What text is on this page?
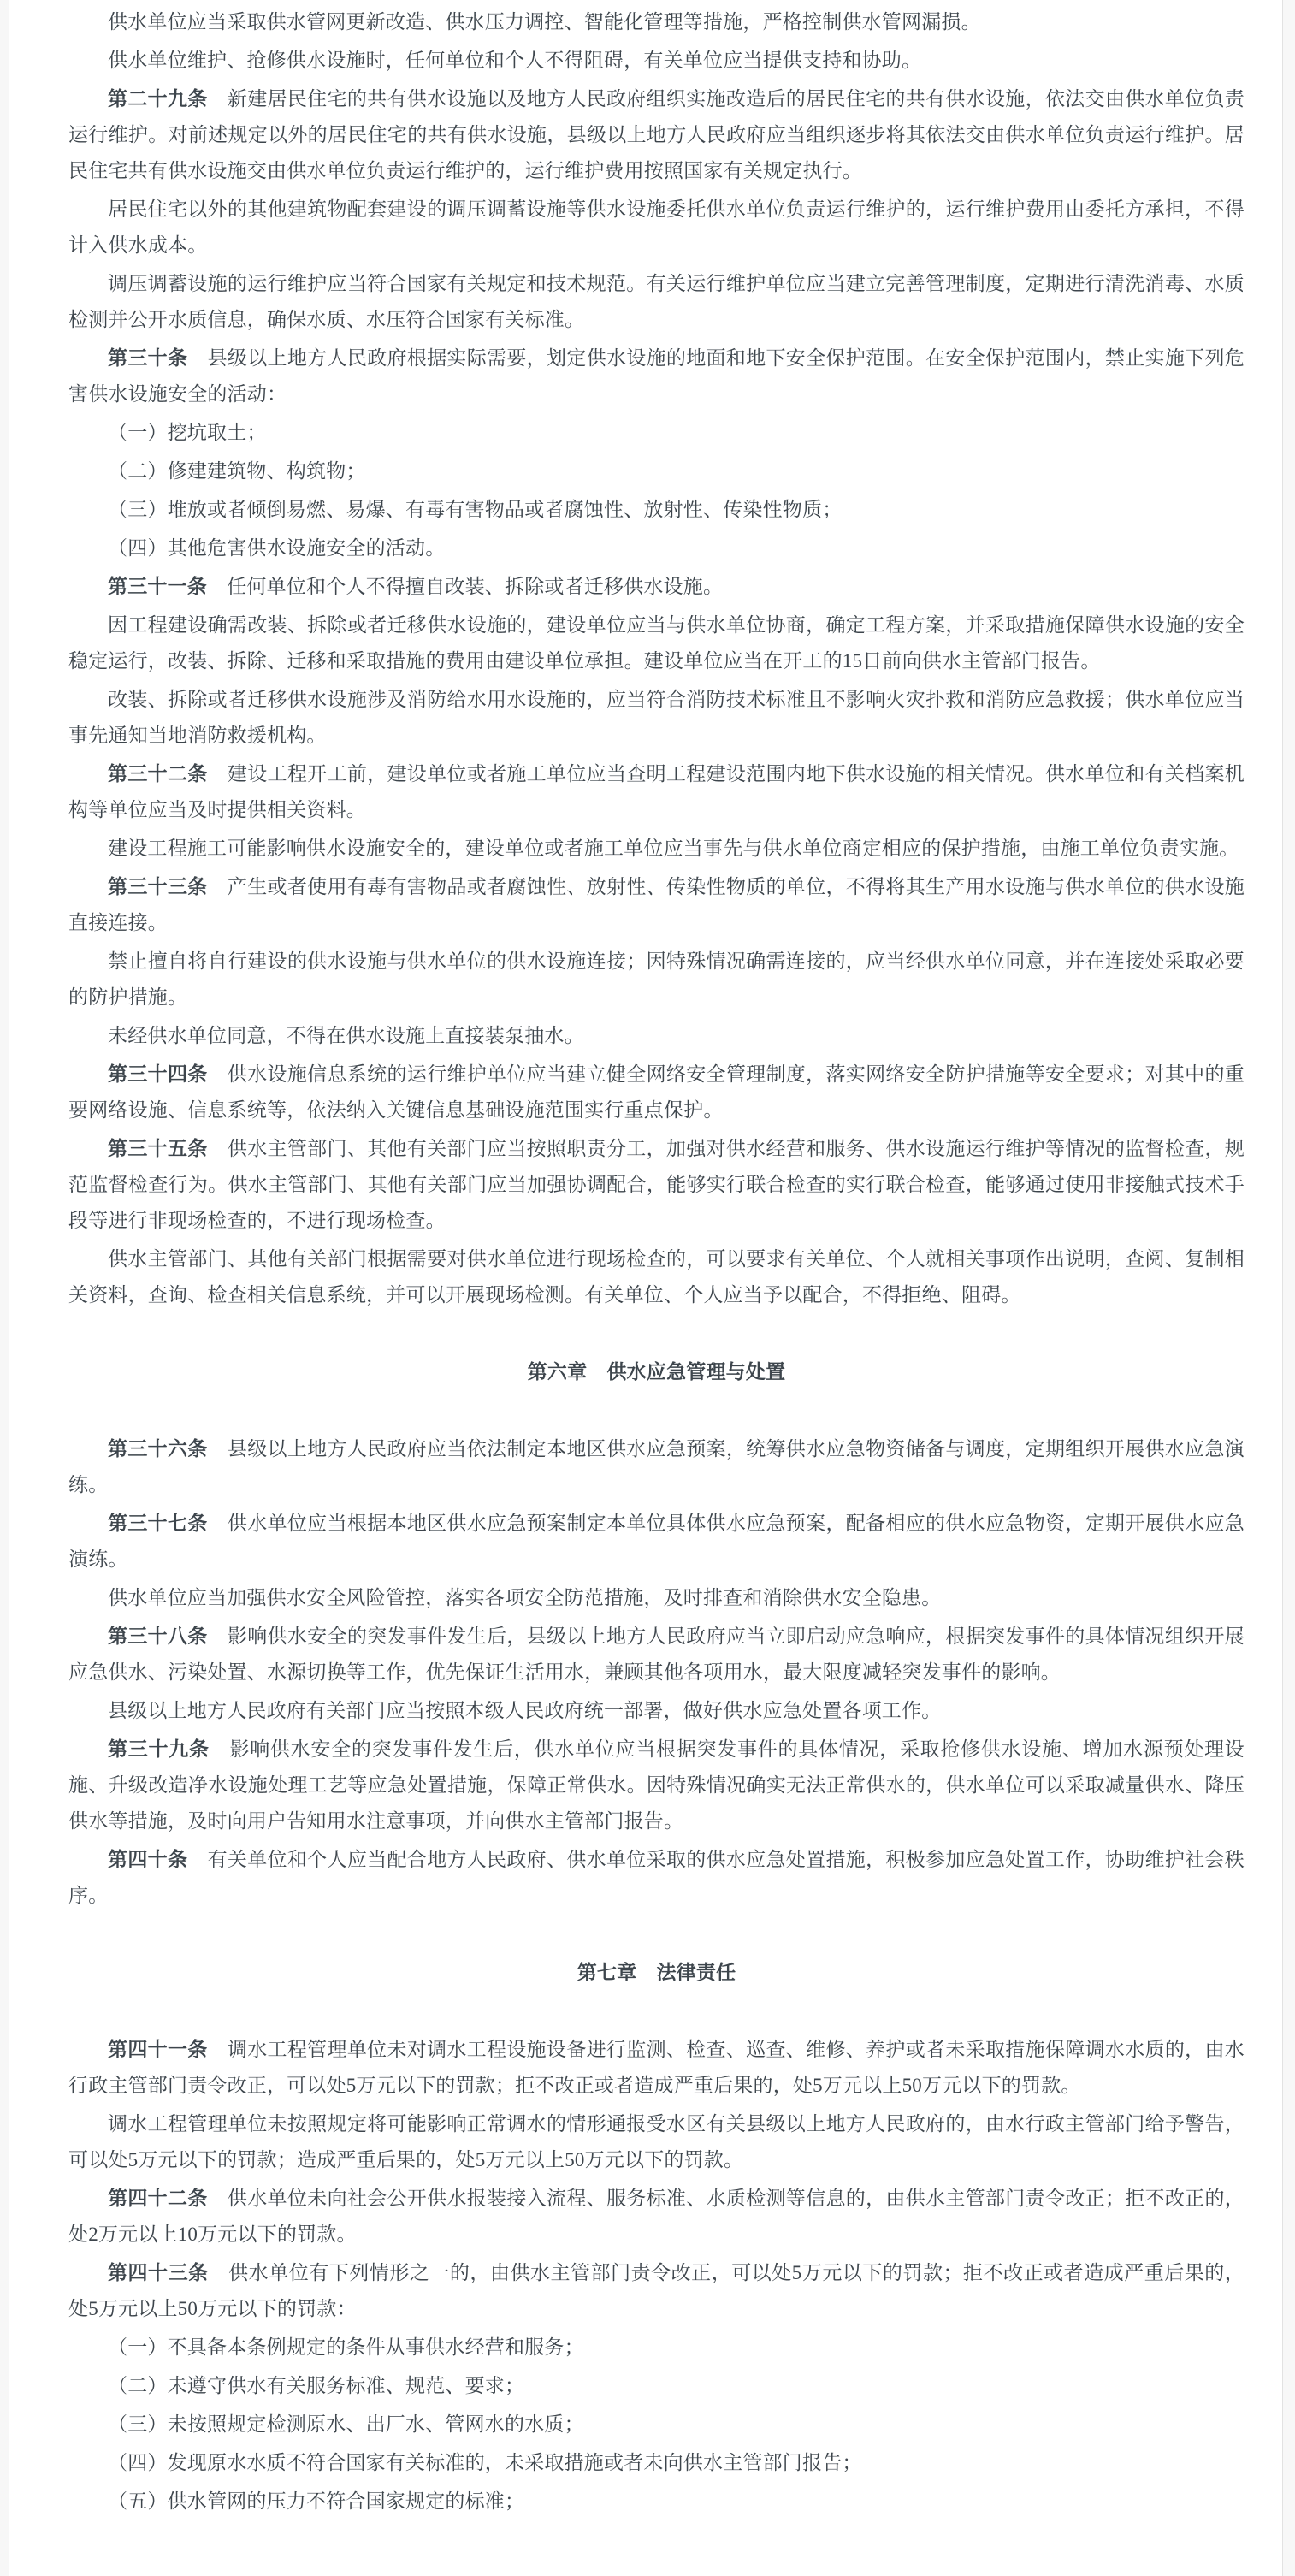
供水单位应当采取供水管网更新改造、供水压力调控、智能化管理等措施，严格控制供水管网漏损。

供水单位维护、抢修供水设施时，任何单位和个人不得阻碍，有关单位应当提供支持和协助。

第二十九条　新建居民住宅的共有供水设施以及地方人民政府组织实施改造后的居民住宅的共有供水设施，依法交由供水单位负责运行维护。对前述规定以外的居民住宅的共有供水设施，县级以上地方人民政府应当组织逐步将其依法交由供水单位负责运行维护。居民住宅共有供水设施交由供水单位负责运行维护的，运行维护费用按照国家有关规定执行。

居民住宅以外的其他建筑物配套建设的调压调蓄设施等供水设施委托供水单位负责运行维护的，运行维护费用由委托方承担，不得计入供水成本。

调压调蓄设施的运行维护应当符合国家有关规定和技术规范。有关运行维护单位应当建立完善管理制度，定期进行清洗消毒、水质检测并公开水质信息，确保水质、水压符合国家有关标准。

第三十条　县级以上地方人民政府根据实际需要，划定供水设施的地面和地下安全保护范围。在安全保护范围内，禁止实施下列危害供水设施安全的活动：

（一）挖坑取土；

（二）修建建筑物、构筑物；

（三）堆放或者倾倒易燃、易爆、有毒有害物品或者腐蚀性、放射性、传染性物质；

（四）其他危害供水设施安全的活动。

第三十一条　任何单位和个人不得擅自改装、拆除或者迁移供水设施。

因工程建设确需改装、拆除或者迁移供水设施的，建设单位应当与供水单位协商，确定工程方案，并采取措施保障供水设施的安全稳定运行，改装、拆除、迁移和采取措施的费用由建设单位承担。建设单位应当在开工的15日前向供水主管部门报告。

改装、拆除或者迁移供水设施涉及消防给水用水设施的，应当符合消防技术标准且不影响火灾扑救和消防应急救援；供水单位应当事先通知当地消防救援机构。

第三十二条　建设工程开工前，建设单位或者施工单位应当查明工程建设范围内地下供水设施的相关情况。供水单位和有关档案机构等单位应当及时提供相关资料。

建设工程施工可能影响供水设施安全的，建设单位或者施工单位应当事先与供水单位商定相应的保护措施，由施工单位负责实施。

第三十三条　产生或者使用有毒有害物品或者腐蚀性、放射性、传染性物质的单位，不得将其生产用水设施与供水单位的供水设施直接连接。

禁止擅自将自行建设的供水设施与供水单位的供水设施连接；因特殊情况确需连接的，应当经供水单位同意，并在连接处采取必要的防护措施。

未经供水单位同意，不得在供水设施上直接装泵抽水。

第三十四条　供水设施信息系统的运行维护单位应当建立健全网络安全管理制度，落实网络安全防护措施等安全要求；对其中的重要网络设施、信息系统等，依法纳入关键信息基础设施范围实行重点保护。

第三十五条　供水主管部门、其他有关部门应当按照职责分工，加强对供水经营和服务、供水设施运行维护等情况的监督检查，规范监督检查行为。供水主管部门、其他有关部门应当加强协调配合，能够实行联合检查的实行联合检查，能够通过使用非接触式技术手段等进行非现场检查的，不进行现场检查。

供水主管部门、其他有关部门根据需要对供水单位进行现场检查的，可以要求有关单位、个人就相关事项作出说明，查阅、复制相关资料，查询、检查相关信息系统，并可以开展现场检测。有关单位、个人应当予以配合，不得拒绝、阻碍。

第六章　供水应急管理与处置

第三十六条　县级以上地方人民政府应当依法制定本地区供水应急预案，统筹供水应急物资储备与调度，定期组织开展供水应急演练。

第三十七条　供水单位应当根据本地区供水应急预案制定本单位具体供水应急预案，配备相应的供水应急物资，定期开展供水应急演练。

供水单位应当加强供水安全风险管控，落实各项安全防范措施，及时排查和消除供水安全隐患。

第三十八条　影响供水安全的突发事件发生后，县级以上地方人民政府应当立即启动应急响应，根据突发事件的具体情况组织开展应急供水、污染处置、水源切换等工作，优先保证生活用水，兼顾其他各项用水，最大限度减轻突发事件的影响。

县级以上地方人民政府有关部门应当按照本级人民政府统一部署，做好供水应急处置各项工作。

第三十九条　影响供水安全的突发事件发生后，供水单位应当根据突发事件的具体情况，采取抢修供水设施、增加水源预处理设施、升级改造净水设施处理工艺等应急处置措施，保障正常供水。因特殊情况确实无法正常供水的，供水单位可以采取减量供水、降压供水等措施，及时向用户告知用水注意事项，并向供水主管部门报告。

第四十条　有关单位和个人应当配合地方人民政府、供水单位采取的供水应急处置措施，积极参加应急处置工作，协助维护社会秩序。

第七章　法律责任

第四十一条　调水工程管理单位未对调水工程设施设备进行监测、检查、巡查、维修、养护或者未采取措施保障调水水质的，由水行政主管部门责令改正，可以处5万元以下的罚款；拒不改正或者造成严重后果的，处5万元以上50万元以下的罚款。

调水工程管理单位未按照规定将可能影响正常调水的情形通报受水区有关县级以上地方人民政府的，由水行政主管部门给予警告，可以处5万元以下的罚款；造成严重后果的，处5万元以上50万元以下的罚款。

第四十二条　供水单位未向社会公开供水报装接入流程、服务标准、水质检测等信息的，由供水主管部门责令改正；拒不改正的，处2万元以上10万元以下的罚款。

第四十三条　供水单位有下列情形之一的，由供水主管部门责令改正，可以处5万元以下的罚款；拒不改正或者造成严重后果的，处5万元以上50万元以下的罚款：

（一）不具备本条例规定的条件从事供水经营和服务；

（二）未遵守供水有关服务标准、规范、要求；

（三）未按照规定检测原水、出厂水、管网水的水质；

（四）发现原水水质不符合国家有关标准的，未采取措施或者未向供水主管部门报告；

（五）供水管网的压力不符合国家规定的标准；
